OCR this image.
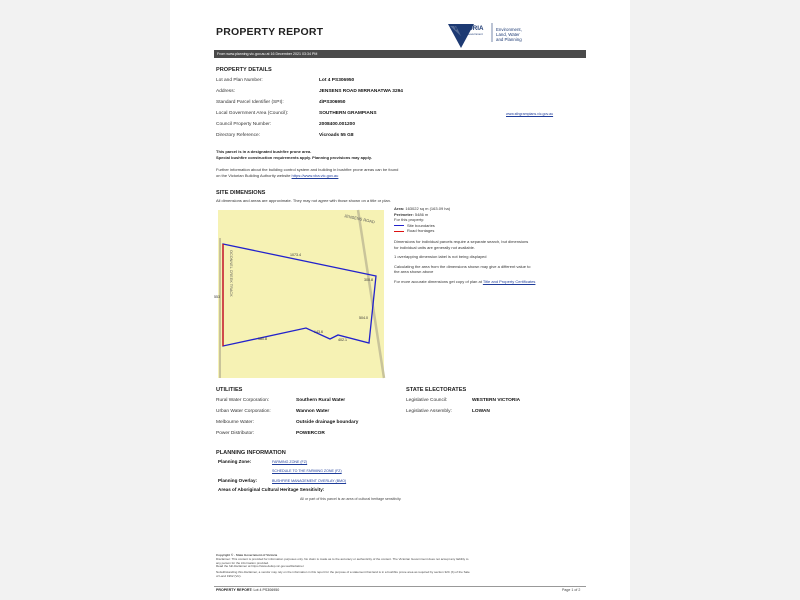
PROPERTY REPORT	VICTORIA
State Government
Environment,
Land, Water
and Planning
From www.planning.vic.gov.au at 16 December 2021 03:34 PM
PROPERTY DETAILS
Lot and Plan Number:	Lot 4 PS306950
Address:	JENSENS ROAD MIRRANATWA 3294
Standard Parcel Identifier (SPI):	4\PS306950
Local Government Area (Council):	SOUTHERN GRAMPIANS	www.sthgrampians.vic.gov.au
Council Property Number:	2008400.001200
Directory Reference:	Vicroads 55 G8
This parcel is in a designated bushfire prone area.
Special bushfire construction requirements apply. Planning provisions may apply.
Further information about the building control system and building in bushfire prone areas can be found
on the Victorian Building Authority website https://www.vba.vic.gov.au
SITE DIMENSIONS
All dimensions and areas are approximate. They may not agree with those shown on a title or plan.
JENSENS ROAD
OCONNEL CREEK TRACK	1073.4
300.8
504.0
553
380.8
143.6
402.1
Area: 163022 sq m (163.09 ha)
Perimeter: 5486 m
For this property:
Site boundaries
Road frontages
Dimensions for individual parcels require a separate search, but dimensions
for individual units are generally not available.
1 overlapping dimension label is not being displayed
Calculating the area from the dimensions shown may give a different value to
the area shown above
For more accurate dimensions get copy of plan at Title and Property Certificates
UTILITIES
Rural Water Corporation:	Southern Rural Water
Urban Water Corporation:	Wannon Water
Melbourne Water:	Outside drainage boundary
Power Distributor:	POWERCOR
STATE ELECTORATES
Legislative Council:	WESTERN VICTORIA
Legislative Assembly:	LOWAN
PLANNING INFORMATION
Planning Zone:	FARMING ZONE (FZ)
SCHEDULE TO THE FARMING ZONE (FZ)
Planning Overlay:	BUSHFIRE MANAGEMENT OVERLAY (BMO)
Areas of Aboriginal Cultural Heritage Sensitivity:
All or part of this parcel is an area of cultural heritage sensitivity.
Copyright © - State Government of Victoria
Disclaimer: This content is provided for information purposes only. No claim is made as to the accuracy or authenticity of the content. The Victorian Government does not accept any liability to
any person for the information provided.
Read the full disclaimer at https://www.delwp.vic.gov.au/disclaimer
Notwithstanding this disclaimer, a vendor may rely on the information in this report for the purpose of a statement that land is in a bushfire prone area as required by section 32C (b) of the Sale
of Land 1962 (Vic).
PROPERTY REPORT: Lot 4 PS306950	Page 1 of 2
